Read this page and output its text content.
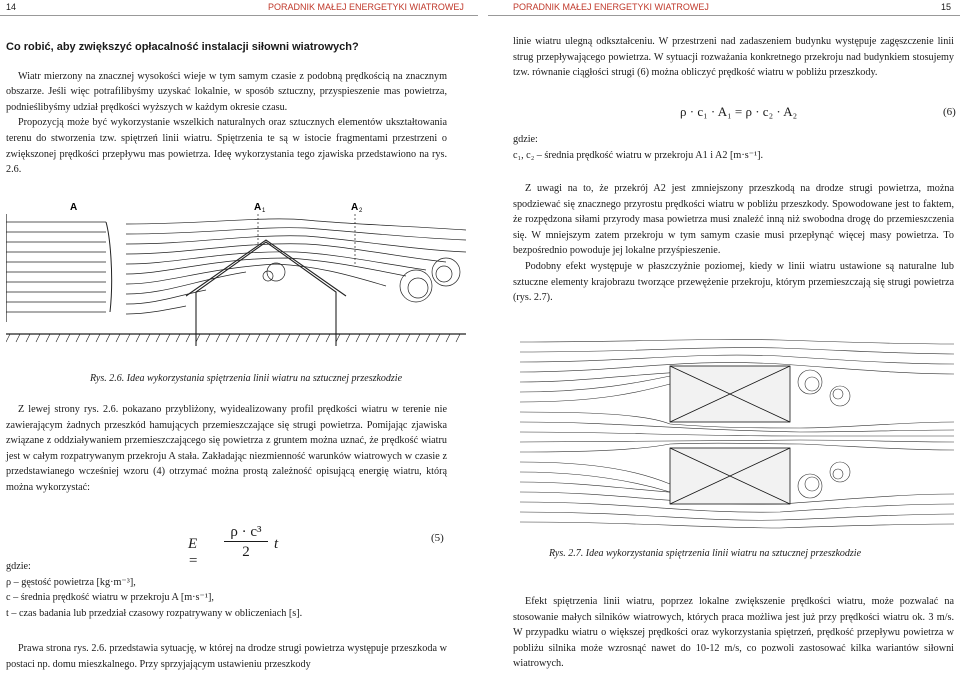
14	PORADNIK MAŁEJ ENERGETYKI WIATROWEJ	PORADNIK MAŁEJ ENERGETYKI WIATROWEJ	15
Co robić, aby zwiększyć opłacalność instalacji siłowni wiatrowych?

Wiatr mierzony na znacznej wysokości wieje w tym samym czasie z podobną prędkością na znacznym obszarze. Jeśli więc potrafilibyśmy uzyskać lokalnie, w sposób sztuczny, przyspieszenie mas powietrza, podnieślibyśmy udział prędkości wyższych w każdym okresie czasu.

Propozycją może być wykorzystanie wszelkich naturalnych oraz sztucznych elementów ukształtowania terenu do stworzenia tzw. spiętrzeń linii wiatru. Spiętrzenia te są w istocie fragmentami przestrzeni o zwiększonej prędkości przepływu mas powietrza. Ideę wykorzystania tego zjawiska przedstawiono na rys. 2.6.

A	A 1	A 2
Rys. 2.6. Idea wykorzystania spiętrzenia linii wiatru na sztucznej przeszkodzie

Z lewej strony rys. 2.6. pokazano przybliżony, wyidealizowany profil prędkości wiatru w terenie nie zawierającym żadnych przeszkód hamujących przemieszczające się strugi powietrza. Pomijając zjawiska związane z oddziaływaniem przemieszczającego się powietrza z gruntem można uznać, że prędkość wiatru jest w całym rozpatrywanym przekroju A stała. Zakładając niezmienność warunków wiatrowych w czasie z przedstawianego wcześniej wzoru (4) otrzymać można prostą zależność opisującą energię wiatru, którą można wykorzystać:

E =
ρ · c³
2	t	(5)

gdzie:

ρ – gęstość powietrza [kg·m⁻³],

c – średnia prędkość wiatru w przekroju A [m·s⁻¹],

t – czas badania lub przedział czasowy rozpatrywany w obliczeniach [s].

Prawa strona rys. 2.6. przedstawia sytuację, w której na drodze strugi powietrza występuje przeszkoda w postaci np. domu mieszkalnego. Przy sprzyjającym ustawieniu przeszkody

linie wiatru ulegną odkształceniu. W przestrzeni nad zadaszeniem budynku występuje zagęszczenie linii strug przepływającego powietrza. W sytuacji rozważania konkretnego przekroju nad budynkiem stosujemy tzw. równanie ciągłości strugi (6) można obliczyć prędkość wiatru w pobliżu przeszkody.

ρ · c₁ · A₁ = ρ · c₂ · A₂	(6)

gdzie:

c₁, c₂ – średnia prędkość wiatru w przekroju A1 i A2 [m·s⁻¹].

Z uwagi na to, że przekrój A2 jest zmniejszony przeszkodą na drodze strugi powietrza, można spodziewać się znacznego przyrostu prędkości wiatru w pobliżu przeszkody. Spowodowane jest to faktem, że rozpędzona siłami przyrody masa powietrza musi znaleźć inną niż swobodna drogę do przemieszczenia się. W mniejszym zatem przekroju w tym samym czasie musi przepłynąć więcej masy powietrza. To bezpośrednio powoduje jej lokalne przyśpieszenie.

Podobny efekt występuje w płaszczyźnie poziomej, kiedy w linii wiatru ustawione są naturalne lub sztuczne elementy krajobrazu tworzące przewężenie przekroju, którym przemieszczają się strugi powietrza (rys. 2.7).

Rys. 2.7. Idea wykorzystania spiętrzenia linii wiatru na sztucznej przeszkodzie

Efekt spiętrzenia linii wiatru, poprzez lokalne zwiększenie prędkości wiatru, może pozwalać na stosowanie małych silników wiatrowych, których praca możliwa jest już przy prędkości wiatru ok. 3 m/s. W przypadku wiatru o większej prędkości oraz wykorzystania spiętrzeń, prędkość przepływu powietrza w pobliżu silnika może wzrosnąć nawet do 10-12 m/s, co pozwoli zastosować kilka wariantów siłowni wiatrowych.
